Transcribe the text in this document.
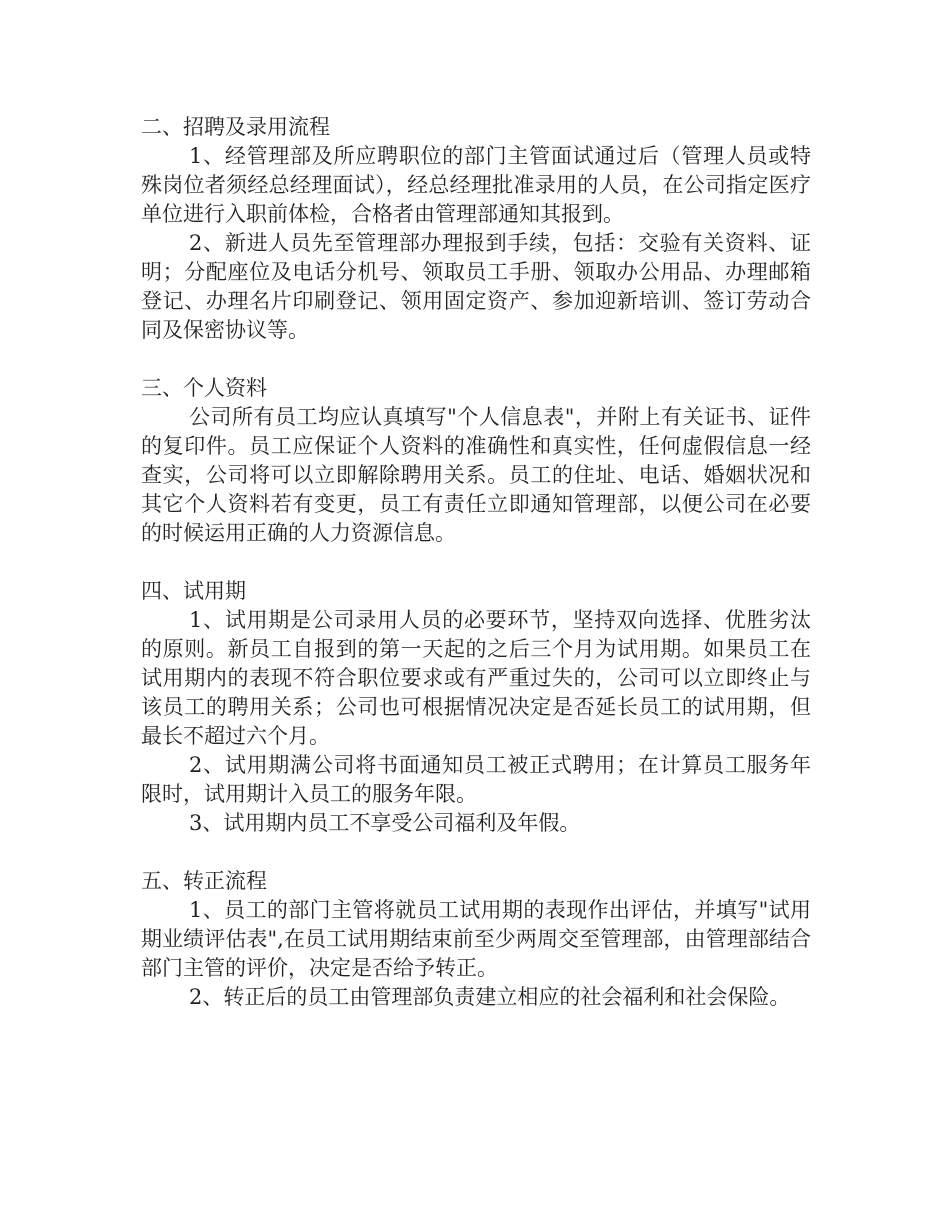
二、招聘及录用流程

1、经管理部及所应聘职位的部门主管面试通过后（管理人员或特殊岗位者须经总经理面试），经总经理批准录用的人员，在公司指定医疗单位进行入职前体检，合格者由管理部通知其报到。

2、新进人员先至管理部办理报到手续，包括：交验有关资料、证明；分配座位及电话分机号、领取员工手册、领取办公用品、办理邮箱登记、办理名片印刷登记、领用固定资产、参加迎新培训、签订劳动合同及保密协议等。

三、个人资料

公司所有员工均应认真填写"个人信息表"，并附上有关证书、证件的复印件。员工应保证个人资料的准确性和真实性，任何虚假信息一经查实，公司将可以立即解除聘用关系。员工的住址、电话、婚姻状况和其它个人资料若有变更，员工有责任立即通知管理部，以便公司在必要的时候运用正确的人力资源信息。

四、试用期

1、试用期是公司录用人员的必要环节，坚持双向选择、优胜劣汰的原则。新员工自报到的第一天起的之后三个月为试用期。如果员工在试用期内的表现不符合职位要求或有严重过失的，公司可以立即终止与该员工的聘用关系；公司也可根据情况决定是否延长员工的试用期，但最长不超过六个月。

2、试用期满公司将书面通知员工被正式聘用；在计算员工服务年限时，试用期计入员工的服务年限。

3、试用期内员工不享受公司福利及年假。

五、转正流程

1、员工的部门主管将就员工试用期的表现作出评估，并填写"试用期业绩评估表",在员工试用期结束前至少两周交至管理部，由管理部结合部门主管的评价，决定是否给予转正。

2、转正后的员工由管理部负责建立相应的社会福利和社会保险。
